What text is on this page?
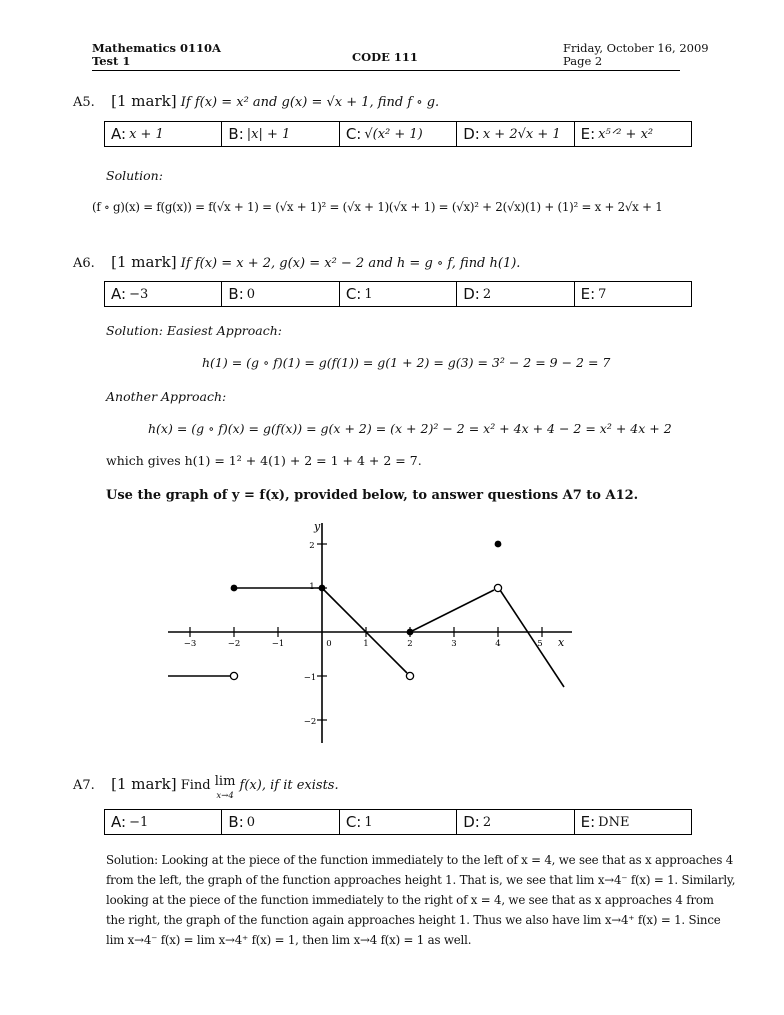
Mathematics 0110A
Test 1	CODE 111
Friday, October 16, 2009
Page 2
A5. [1 mark] If f(x) = x² and g(x) = √x + 1, find f ∘ g.
A: x + 1	B: |x| + 1	C: √(x² + 1)	D: x + 2√x + 1 E: x⁵ᐟ² + x²
Solution:
(f ∘ g)(x) = f(g(x)) = f(√x + 1) = (√x + 1)² = (√x + 1)(√x + 1) = (√x)² + 2(√x)(1) + (1)² = x + 2√x + 1
A6. [1 mark] If f(x) = x + 2, g(x) = x² − 2 and h = g ∘ f, find h(1).
A: −3	B: 0	C: 1	D: 2	E: 7
Solution: Easiest Approach:
h(1) = (g ∘ f)(1) = g(f(1)) = g(1 + 2) = g(3) = 3² − 2 = 9 − 2 = 7
Another Approach:
h(x) = (g ∘ f)(x) = g(f(x)) = g(x + 2) = (x + 2)² − 2 = x² + 4x + 4 − 2 = x² + 4x + 2
which gives h(1) = 1² + 4(1) + 2 = 1 + 4 + 2 = 7.
Use the graph of y = f(x), provided below, to answer questions A7 to A12.
−3	−2	−1	0	1	2	3	4	5
2
1
−1
−2
y
x
A7. [1 mark] Find lim
x→4 f(x), if it exists.
A: −1	B: 0	C: 1	D: 2	E: DNE
Solution: Looking at the piece of the function immediately to the left of x = 4, we see that as x approaches 4
from the left, the graph of the function approaches height 1. That is, we see that lim x→4⁻ f(x) = 1. Similarly,
looking at the piece of the function immediately to the right of x = 4, we see that as x approaches 4 from
the right, the graph of the function again approaches height 1. Thus we also have lim x→4⁺ f(x) = 1. Since
lim x→4⁻ f(x) = lim x→4⁺ f(x) = 1, then lim x→4 f(x) = 1 as well.
